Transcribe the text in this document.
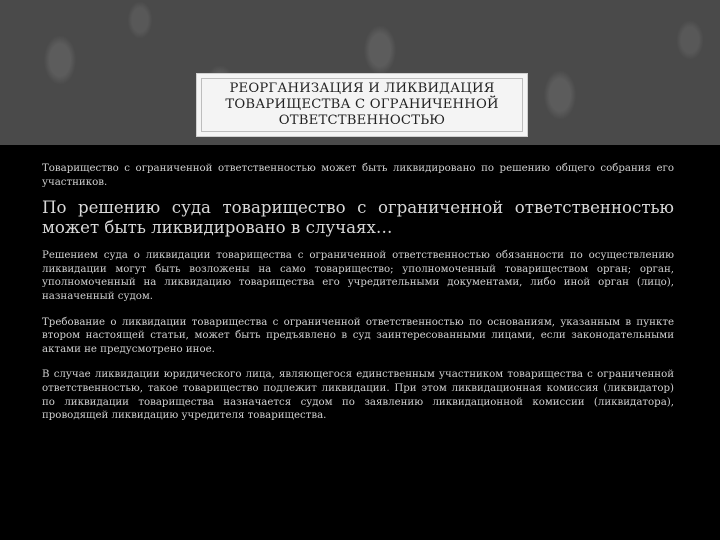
РЕОРГАНИЗАЦИЯ И ЛИКВИДАЦИЯ ТОВАРИЩЕСТВА С ОГРАНИЧЕННОЙ ОТВЕТСТВЕННОСТЬЮ

Товарищество с ограниченной ответственностью может быть ликвидировано по решению общего собрания его участников.

По решению суда товарищество с ограниченной ответственностью может быть ликвидировано в случаях…

Решением суда о ликвидации товарищества с ограниченной ответственностью обязанности по осуществлению ликвидации могут быть возложены на само товарищество; уполномоченный товариществом орган; орган, уполномоченный на ликвидацию товарищества его учредительными документами, либо иной орган (лицо), назначенный судом.

Требование о ликвидации товарищества с ограниченной ответственностью по основаниям, указанным в пункте втором настоящей статьи, может быть предъявлено в суд заинтересованными лицами, если законодательными актами не предусмотрено иное.

В случае ликвидации юридического лица, являющегося единственным участником товарищества с ограниченной ответственностью, такое товарищество подлежит ликвидации. При этом ликвидационная комиссия (ликвидатор) по ликвидации товарищества назначается судом по заявлению ликвидационной комиссии (ликвидатора), проводящей ликвидацию учредителя товарищества.
